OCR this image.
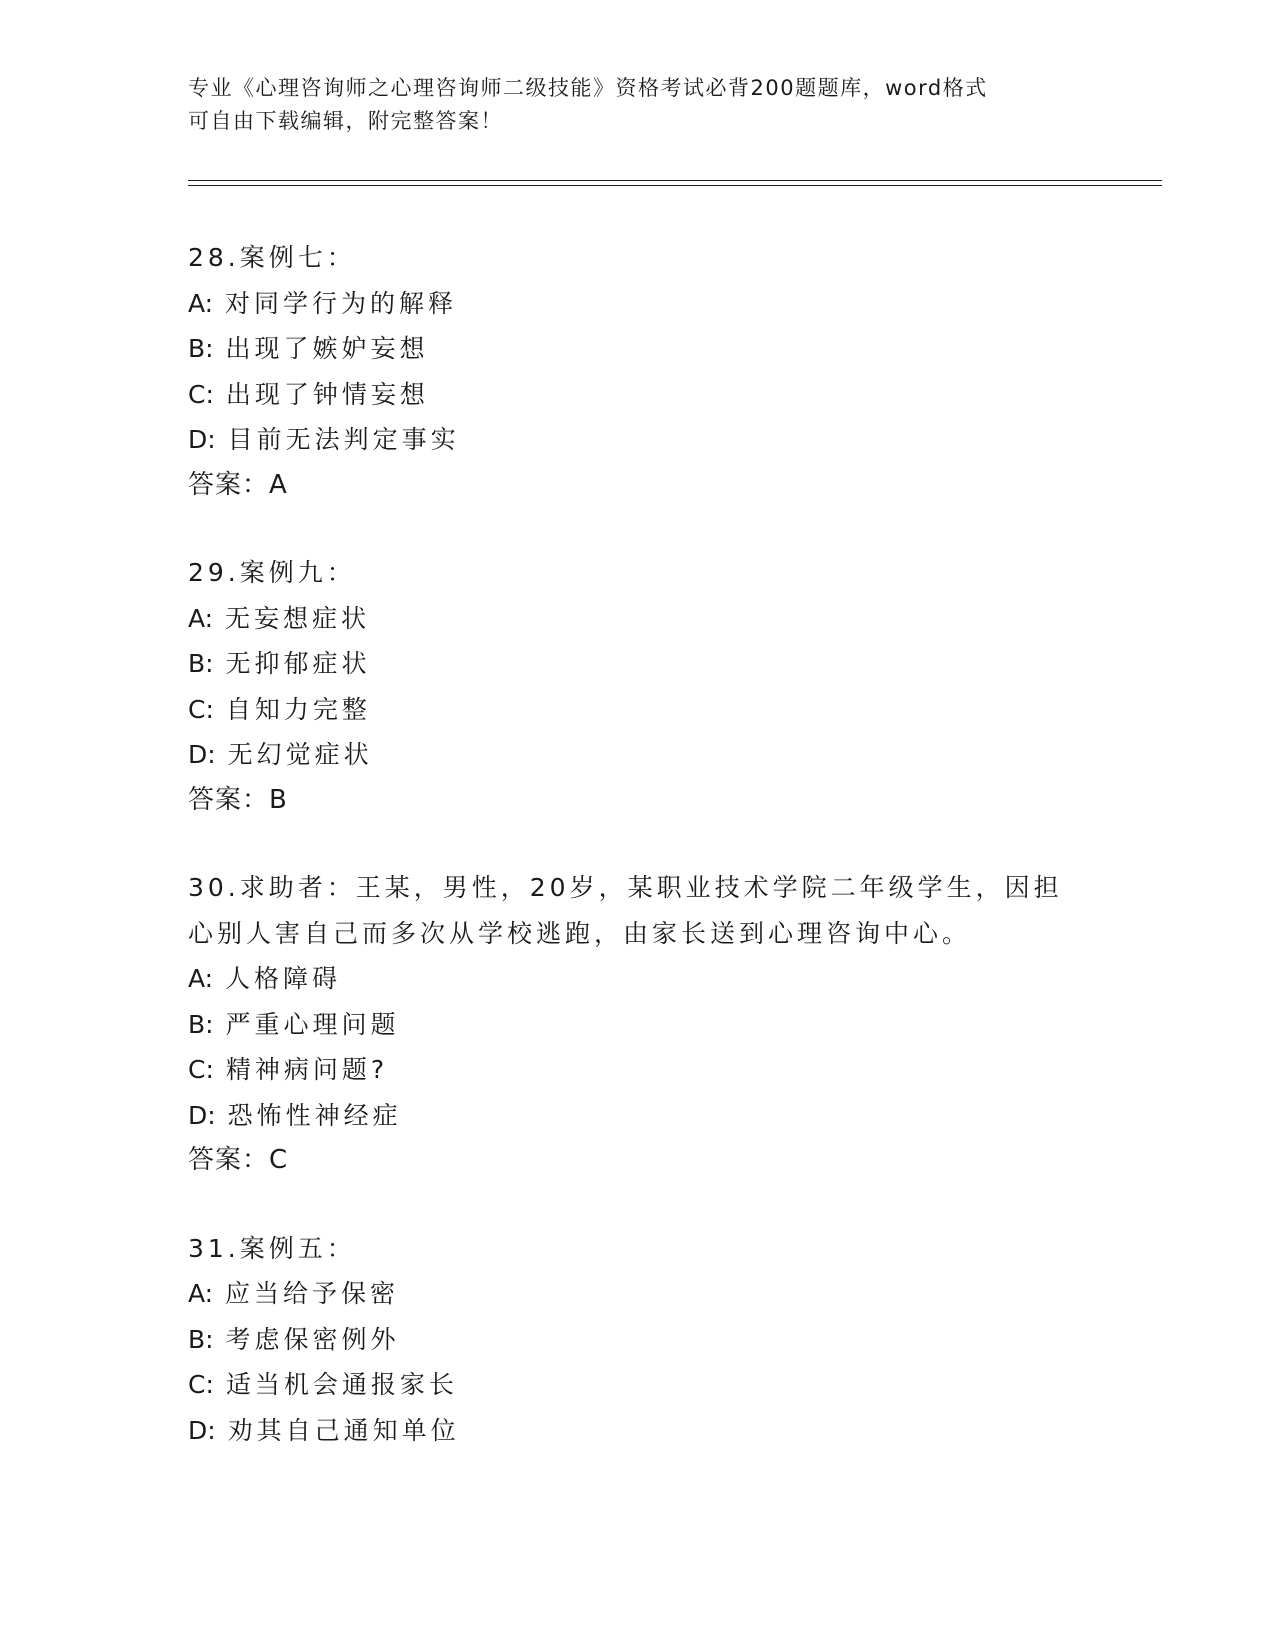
专业《心理咨询师之心理咨询师二级技能》资格考试必背200题题库，word格式
可自由下载编辑，附完整答案！
28.案例七：
A: 对同学行为的解释
B: 出现了嫉妒妄想
C: 出现了钟情妄想
D: 目前无法判定事实
答案：A
29.案例九：
A: 无妄想症状
B: 无抑郁症状
C: 自知力完整
D: 无幻觉症状
答案：B
30.求助者：王某，男性，20岁，某职业技术学院二年级学生，因担心别人害自己而多次从学校逃跑，由家长送到心理咨询中心。
A: 人格障碍
B: 严重心理问题
C: 精神病问题?
D: 恐怖性神经症
答案：C
31.案例五：
A: 应当给予保密
B: 考虑保密例外
C: 适当机会通报家长
D: 劝其自己通知单位
